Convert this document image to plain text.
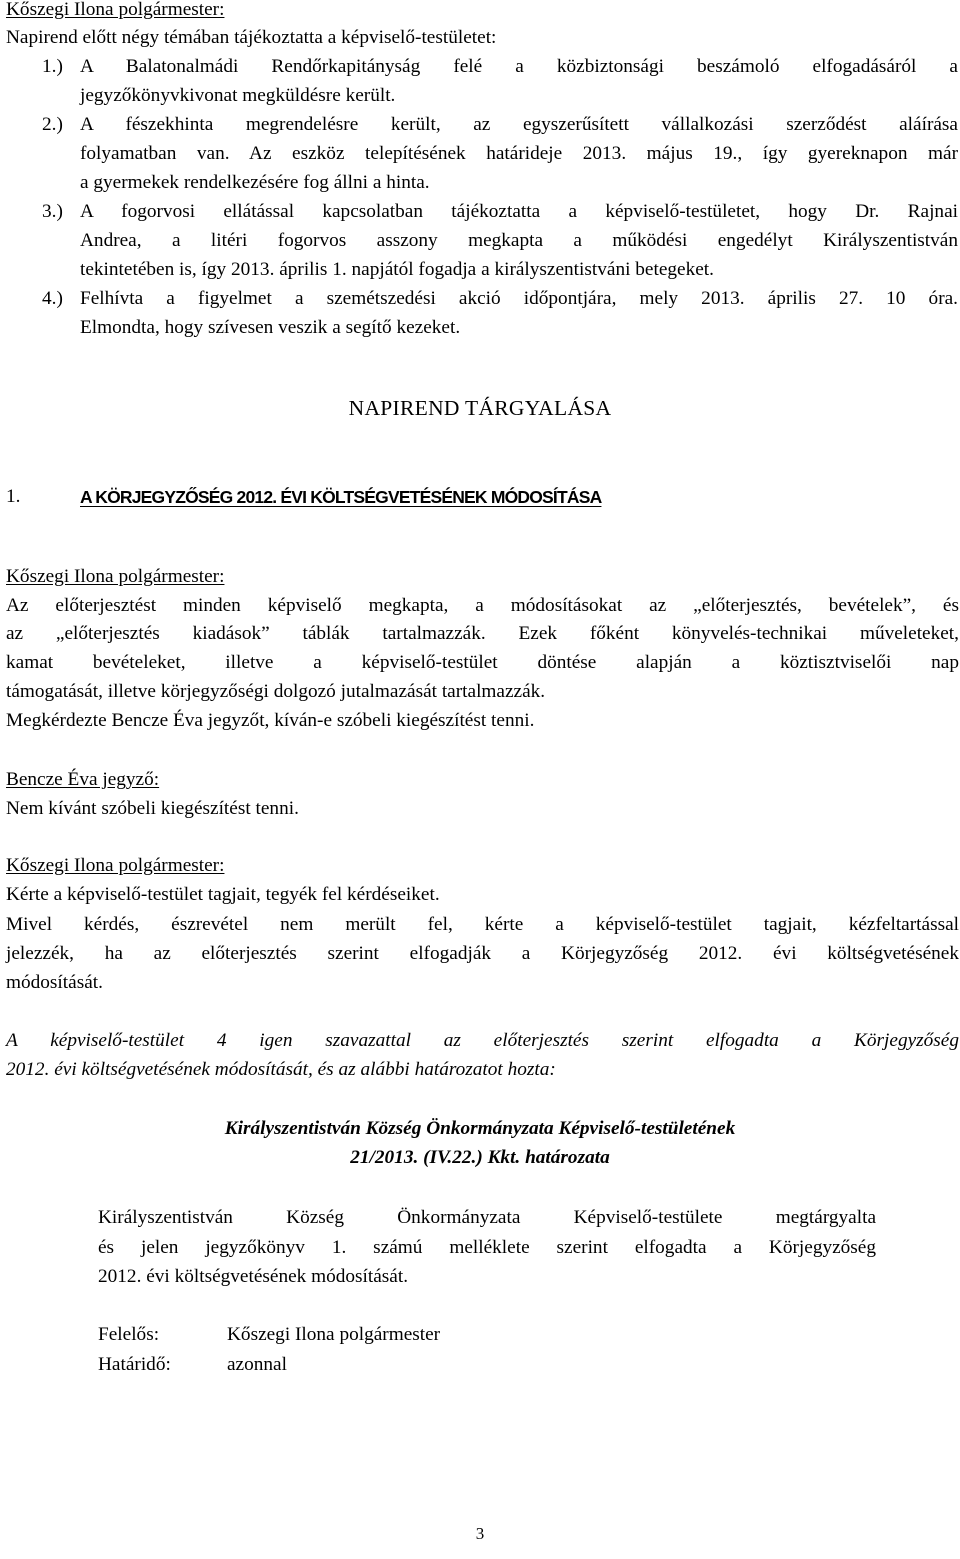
Kőszegi Ilona polgármester:
Napirend előtt négy témában tájékoztatta a képviselő-testületet:
1.) A Balatonalmádi Rendőrkapitányság felé a közbiztonsági beszámoló elfogadásáról a
jegyzőkönyvkivonat megküldésre került.
2.) A fészekhinta megrendelésre került, az egyszerűsített vállalkozási szerződést aláírása
folyamatban van. Az eszköz telepítésének határideje 2013. május 19., így gyereknapon már
a gyermekek rendelkezésére fog állni a hinta.
3.) A fogorvosi ellátással kapcsolatban tájékoztatta a képviselő-testületet, hogy Dr. Rajnai
Andrea, a litéri fogorvos asszony megkapta a működési engedélyt Királyszentistván
tekintetében is, így 2013. április 1. napjától fogadja a királyszentistváni betegeket.
4.) Felhívta a figyelmet a szemétszedési akció időpontjára, mely 2013. április 27. 10 óra.
Elmondta, hogy szívesen veszik a segítő kezeket.
NAPIREND TÁRGYALÁSA
1.	A KÖRJEGYZŐSÉG 2012. ÉVI KÖLTSÉGVETÉSÉNEK MÓDOSÍTÁSA
Kőszegi Ilona polgármester:
Az előterjesztést minden képviselő megkapta, a módosításokat az „előterjesztés, bevételek”, és
az „előterjesztés kiadások” táblák tartalmazzák. Ezek főként könyvelés-technikai műveleteket,
kamat bevételeket, illetve a képviselő-testület döntése alapján a köztisztviselői nap
támogatását, illetve körjegyzőségi dolgozó jutalmazását tartalmazzák.
Megkérdezte Bencze Éva jegyzőt, kíván-e szóbeli kiegészítést tenni.
Bencze Éva jegyző:
Nem kívánt szóbeli kiegészítést tenni.
Kőszegi Ilona polgármester:
Kérte a képviselő-testület tagjait, tegyék fel kérdéseiket.
Mivel kérdés, észrevétel nem merült fel, kérte a képviselő-testület tagjait, kézfeltartással
jelezzék, ha az előterjesztés szerint elfogadják a Körjegyzőség 2012. évi költségvetésének
módosítását.
A képviselő-testület 4 igen szavazattal az előterjesztés szerint elfogadta a Körjegyzőség
2012. évi költségvetésének módosítását, és az alábbi határozatot hozta:
Királyszentistván Község Önkormányzata Képviselő-testületének
21/2013. (IV.22.) Kkt. határozata
Királyszentistván Község Önkormányzata Képviselő-testülete megtárgyalta
és jelen jegyzőkönyv 1. számú melléklete szerint elfogadta a Körjegyzőség
2012. évi költségvetésének módosítását.
Felelős:	Kőszegi Ilona polgármester
Határidő:	azonnal
3
